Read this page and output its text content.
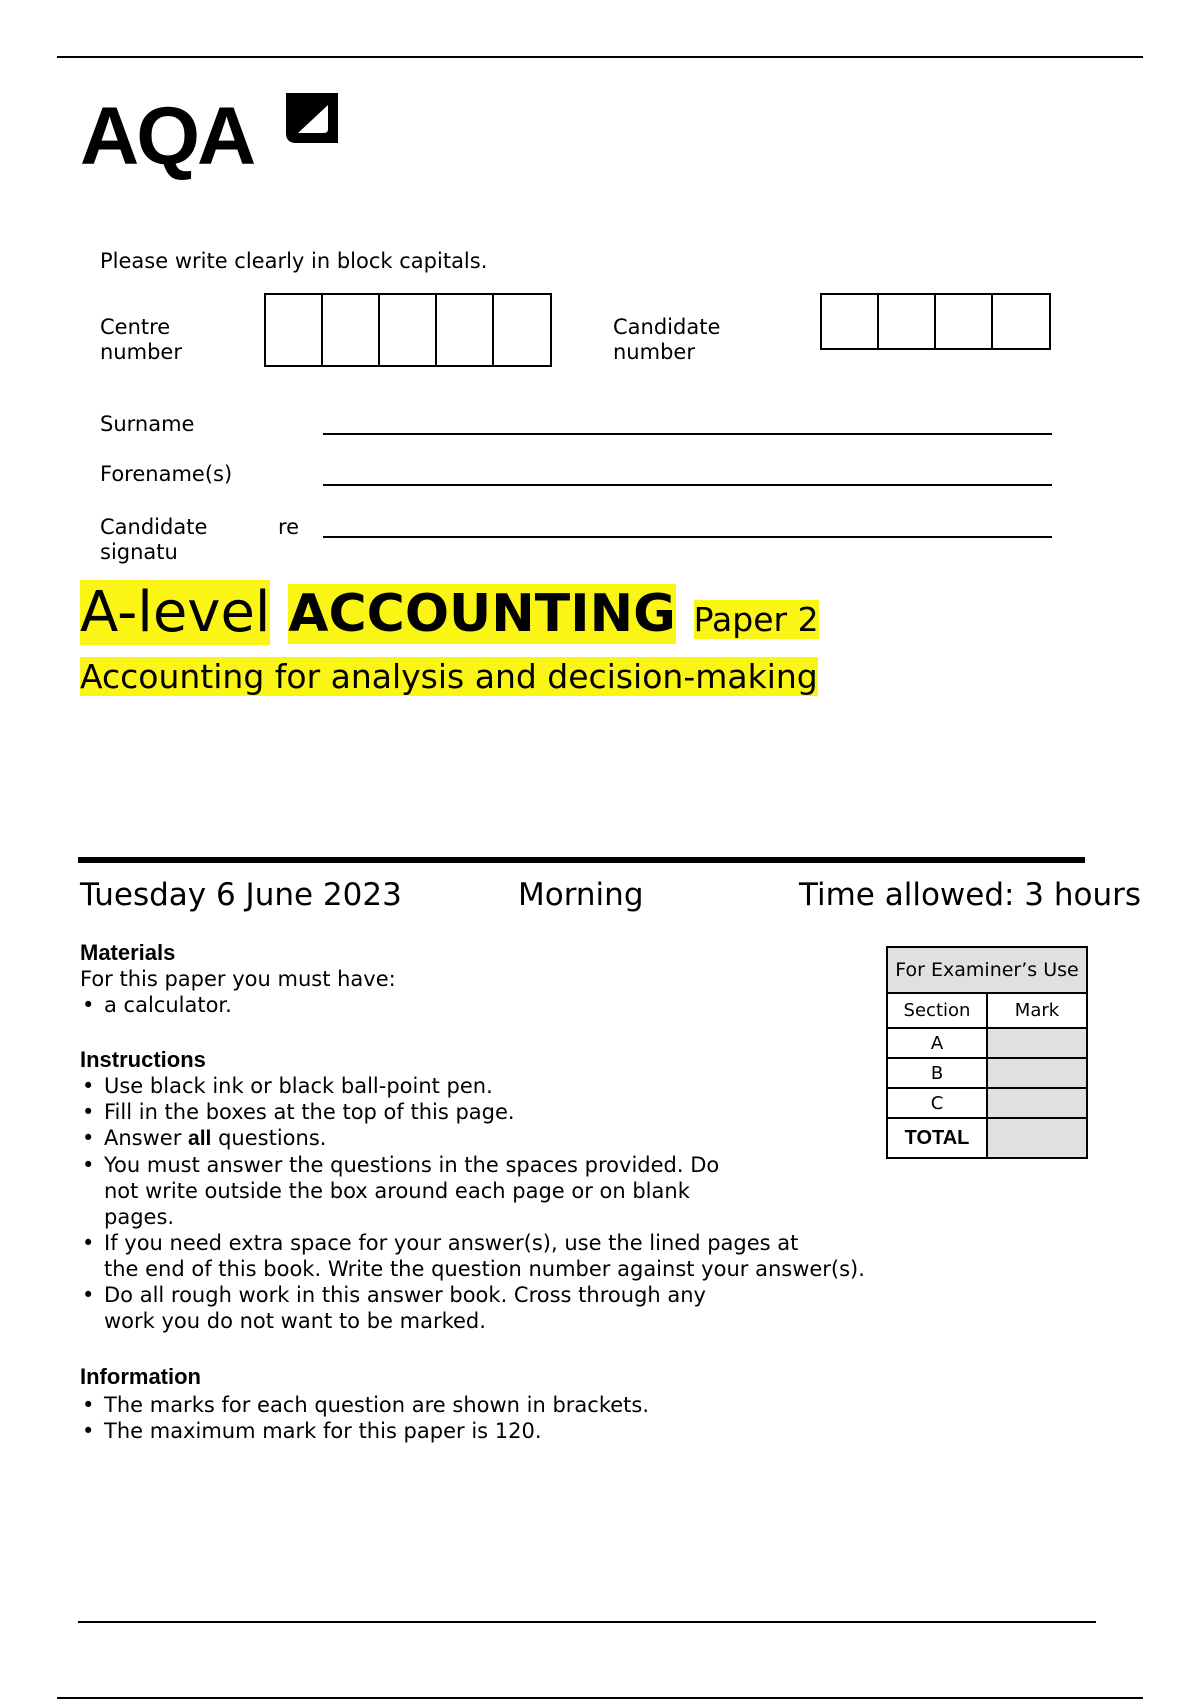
AQA
Please write clearly in block capitals.
Centre
number
Candidate
number
Surname
Forename(s)
Candidate
signatu
re
A-level ACCOUNTING Paper 2
Accounting for analysis and decision-making
Tuesday 6 June 2023	Morning	Time allowed: 3 hours
Materials
For this paper you must have:
• a calculator.
Instructions
• Use black ink or black ball-point pen.
• Fill in the boxes at the top of this page.
• Answer all questions.
• You must answer the questions in the spaces provided. Do
not write outside the box around each page or on blank
pages.
• If you need extra space for your answer(s), use the lined pages at
the end of this book. Write the question number against your answer(s).
• Do all rough work in this answer book. Cross through any
work you do not want to be marked.
Information
• The marks for each question are shown in brackets.
• The maximum mark for this paper is 120.
For Examiner’s Use	
Section	Mark
A	
B	
C	
TOTAL	
